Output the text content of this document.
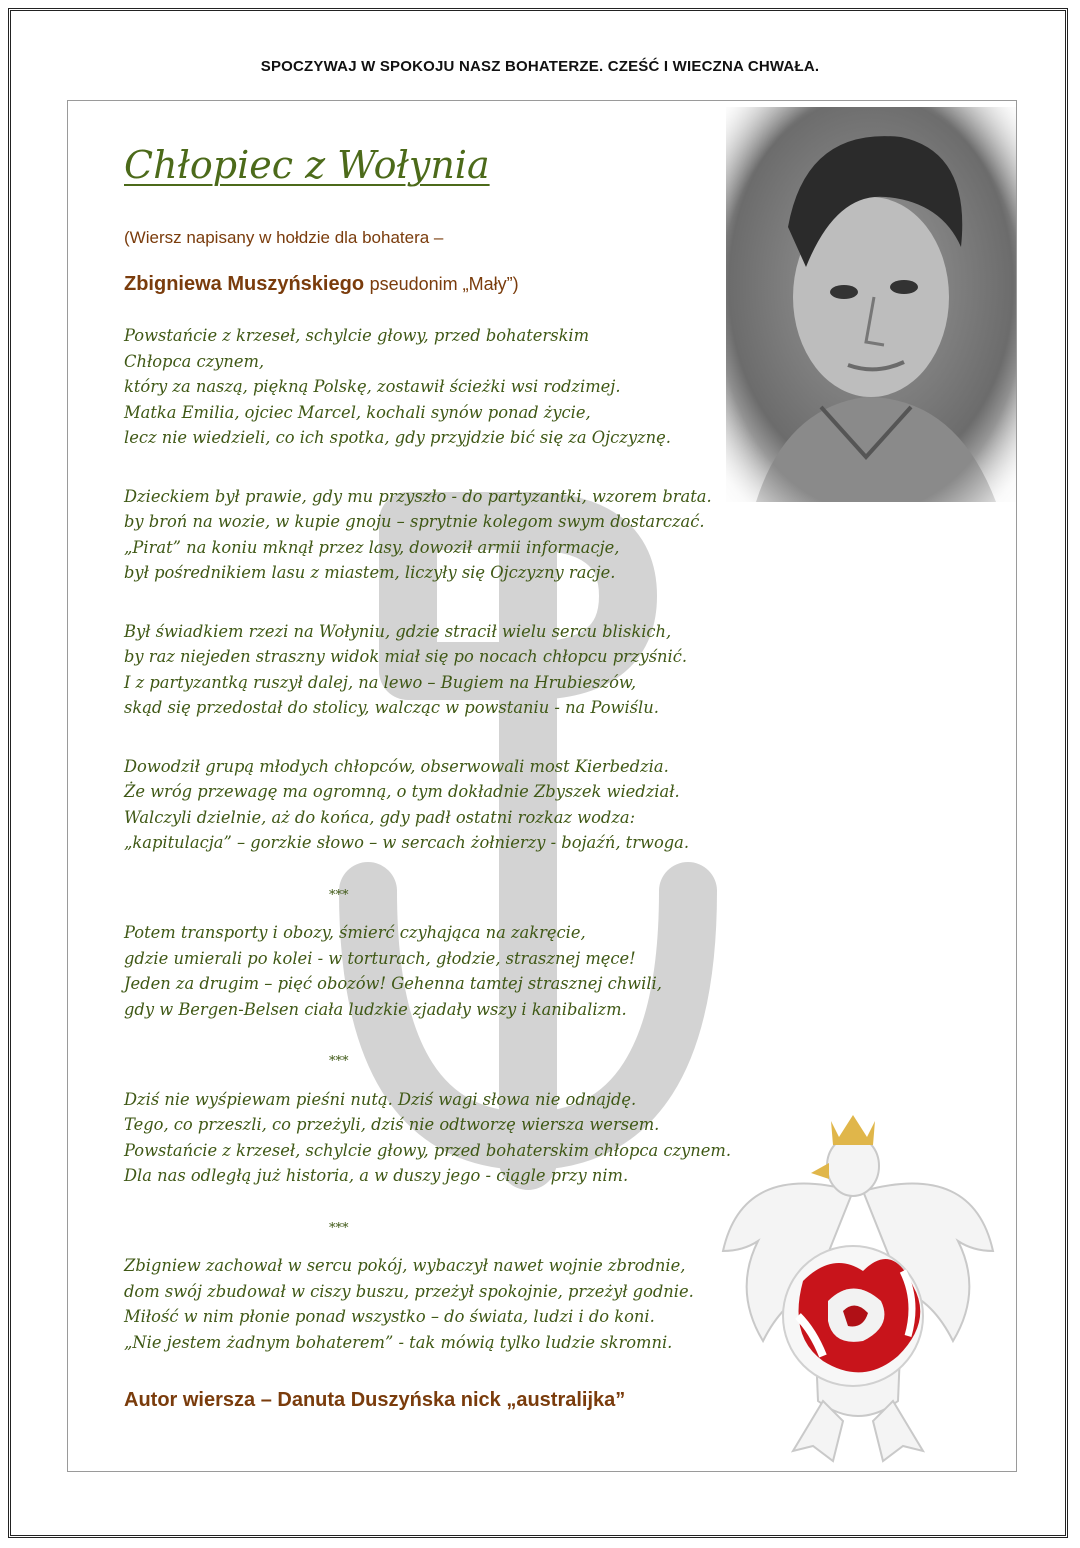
SPOCZYWAJ W SPOKOJU NASZ BOHATERZE. CZEŚĆ I WIECZNA CHWAŁA.
Chłopiec z Wołynia
(Wiersz napisany w hołdzie dla bohatera –
Zbigniewa Muszyńskiego pseudonim „Mały”)
Powstańcie z krzeseł, schylcie głowy, przed bohaterskim
Chłopca czynem,
który za naszą, piękną Polskę, zostawił ścieżki wsi rodzimej.
Matka Emilia, ojciec Marcel, kochali synów ponad życie,
lecz nie wiedzieli, co ich spotka, gdy przyjdzie bić się za Ojczyznę.
Dzieckiem był prawie, gdy mu przyszło - do partyzantki, wzorem brata.
by broń na wozie, w kupie gnoju – sprytnie kolegom swym dostarczać.
„Pirat” na koniu mknął przez lasy, dowoził armii informacje,
był pośrednikiem lasu z miastem, liczyły się Ojczyzny racje.
Był świadkiem rzezi na Wołyniu, gdzie stracił wielu sercu bliskich,
by raz niejeden straszny widok miał się po nocach chłopcu przyśnić.
I z partyzantką ruszył dalej, na lewo – Bugiem na Hrubieszów,
skąd się przedostał do stolicy, walcząc w powstaniu - na Powiślu.
Dowodził grupą młodych chłopców, obserwowali most Kierbedzia.
Że wróg przewagę ma ogromną, o tym dokładnie Zbyszek wiedział.
Walczyli dzielnie, aż do końca, gdy padł ostatni rozkaz wodza:
„kapitulacja” – gorzkie słowo – w sercach żołnierzy - bojaźń, trwoga.
***
Potem transporty i obozy, śmierć czyhająca na zakręcie,
gdzie umierali po kolei - w torturach, głodzie, strasznej męce!
Jeden za drugim – pięć obozów! Gehenna tamtej strasznej chwili,
gdy w Bergen-Belsen ciała ludzkie zjadały wszy i kanibalizm.
***
Dziś nie wyśpiewam pieśni nutą. Dziś wagi słowa nie odnajdę.
Tego, co przeszli, co przeżyli, dziś nie odtworzę wiersza wersem.
Powstańcie z krzeseł, schylcie głowy, przed bohaterskim chłopca czynem.
Dla nas odległą już historia, a w duszy jego - ciągle przy nim.
***
Zbigniew zachował w sercu pokój, wybaczył nawet wojnie zbrodnie,
dom swój zbudował w ciszy buszu, przeżył spokojnie, przeżył godnie.
Miłość w nim płonie ponad wszystko – do świata, ludzi i do koni.
„Nie jestem żadnym bohaterem” - tak mówią tylko ludzie skromni.
Autor wiersza – Danuta Duszyńska nick „australijka”
